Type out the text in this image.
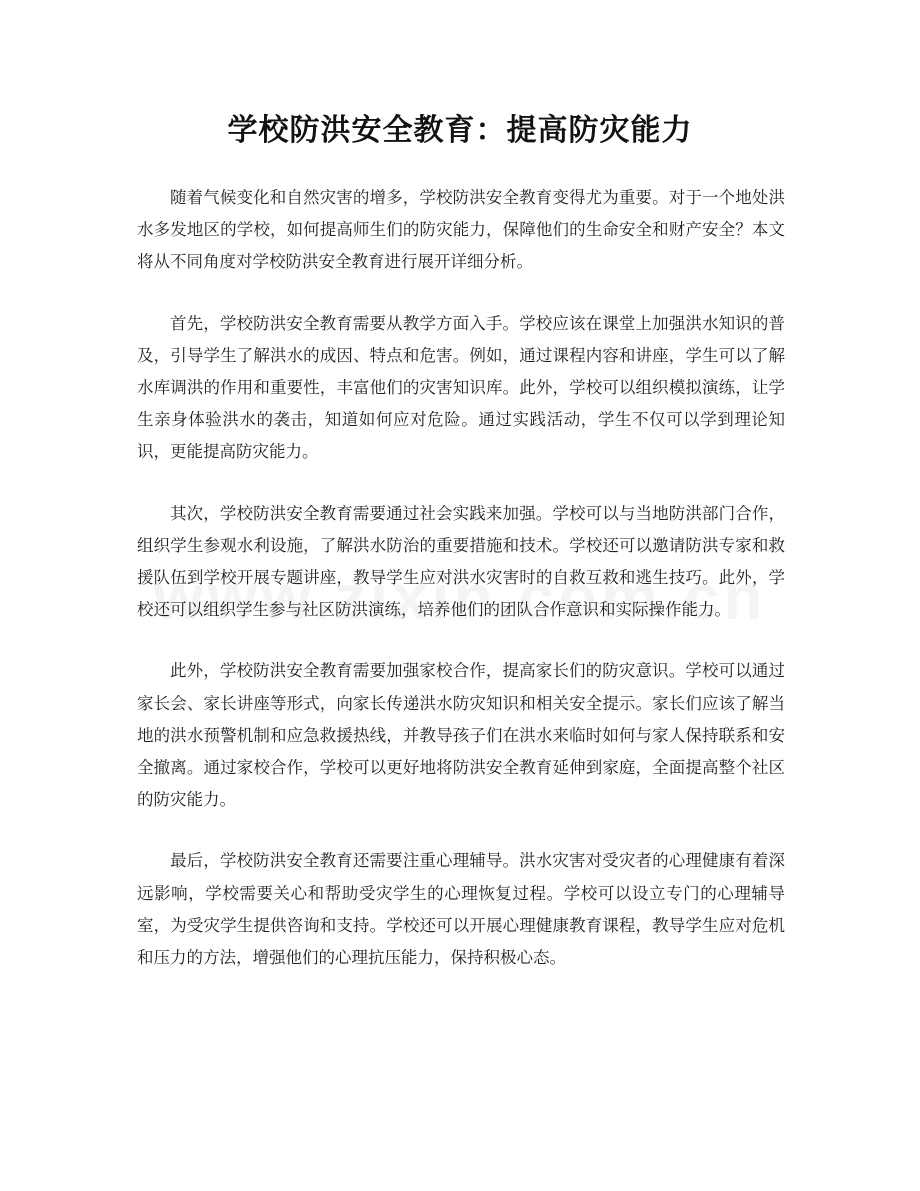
学校防洪安全教育：提高防灾能力

随着气候变化和自然灾害的增多，学校防洪安全教育变得尤为重要。对于一个地处洪水多发地区的学校，如何提高师生们的防灾能力，保障他们的生命安全和财产安全？本文将从不同角度对学校防洪安全教育进行展开详细分析。

首先，学校防洪安全教育需要从教学方面入手。学校应该在课堂上加强洪水知识的普及，引导学生了解洪水的成因、特点和危害。例如，通过课程内容和讲座，学生可以了解水库调洪的作用和重要性，丰富他们的灾害知识库。此外，学校可以组织模拟演练，让学生亲身体验洪水的袭击，知道如何应对危险。通过实践活动，学生不仅可以学到理论知识，更能提高防灾能力。

其次，学校防洪安全教育需要通过社会实践来加强。学校可以与当地防洪部门合作，组织学生参观水利设施，了解洪水防治的重要措施和技术。学校还可以邀请防洪专家和救援队伍到学校开展专题讲座，教导学生应对洪水灾害时的自救互救和逃生技巧。此外，学校还可以组织学生参与社区防洪演练，培养他们的团队合作意识和实际操作能力。

此外，学校防洪安全教育需要加强家校合作，提高家长们的防灾意识。学校可以通过家长会、家长讲座等形式，向家长传递洪水防灾知识和相关安全提示。家长们应该了解当地的洪水预警机制和应急救援热线，并教导孩子们在洪水来临时如何与家人保持联系和安全撤离。通过家校合作，学校可以更好地将防洪安全教育延伸到家庭，全面提高整个社区的防灾能力。

最后，学校防洪安全教育还需要注重心理辅导。洪水灾害对受灾者的心理健康有着深远影响，学校需要关心和帮助受灾学生的心理恢复过程。学校可以设立专门的心理辅导室，为受灾学生提供咨询和支持。学校还可以开展心理健康教育课程，教导学生应对危机和压力的方法，增强他们的心理抗压能力，保持积极心态。
